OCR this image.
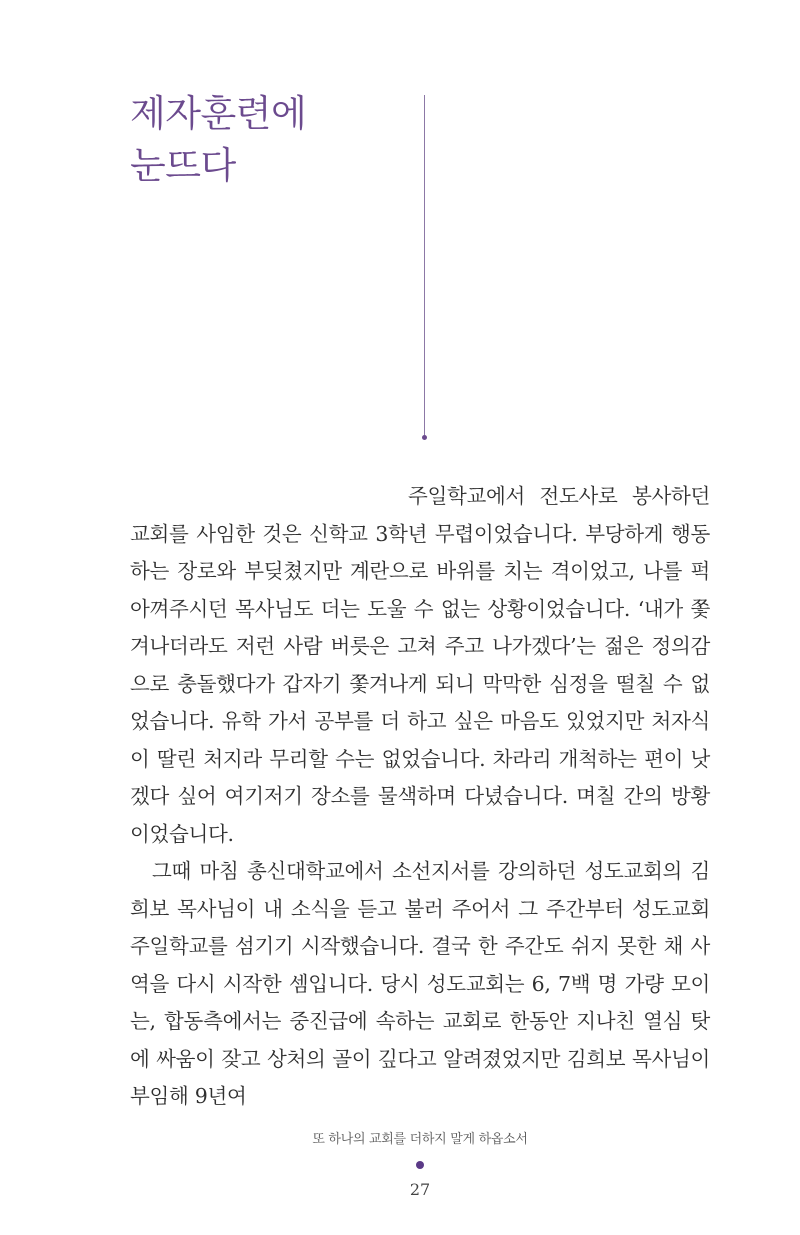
제자훈련에
눈뜨다

주일학교에서 전도사로 봉사하던 교회를 사임한 것은 신학교 3학년 무렵이었습니다. 부당하게 행동하는 장로와 부딪쳤지만 계란으로 바위를 치는 격이었고, 나를 퍽 아껴주시던 목사님도 더는 도울 수 없는 상황이었습니다. ‘내가 쫓겨나더라도 저런 사람 버릇은 고쳐 주고 나가겠다’는 젊은 정의감으로 충돌했다가 갑자기 쫓겨나게 되니 막막한 심정을 떨칠 수 없었습니다. 유학 가서 공부를 더 하고 싶은 마음도 있었지만 처자식이 딸린 처지라 무리할 수는 없었습니다. 차라리 개척하는 편이 낫겠다 싶어 여기저기 장소를 물색하며 다녔습니다. 며칠 간의 방황이었습니다.

그때 마침 총신대학교에서 소선지서를 강의하던 성도교회의 김희보 목사님이 내 소식을 듣고 불러 주어서 그 주간부터 성도교회 주일학교를 섬기기 시작했습니다. 결국 한 주간도 쉬지 못한 채 사역을 다시 시작한 셈입니다. 당시 성도교회는 6, 7백 명 가량 모이는, 합동측에서는 중진급에 속하는 교회로 한동안 지나친 열심 탓에 싸움이 잦고 상처의 골이 깊다고 알려졌었지만 김희보 목사님이 부임해 9년여

또 하나의 교회를 더하지 말게 하옵소서
27
